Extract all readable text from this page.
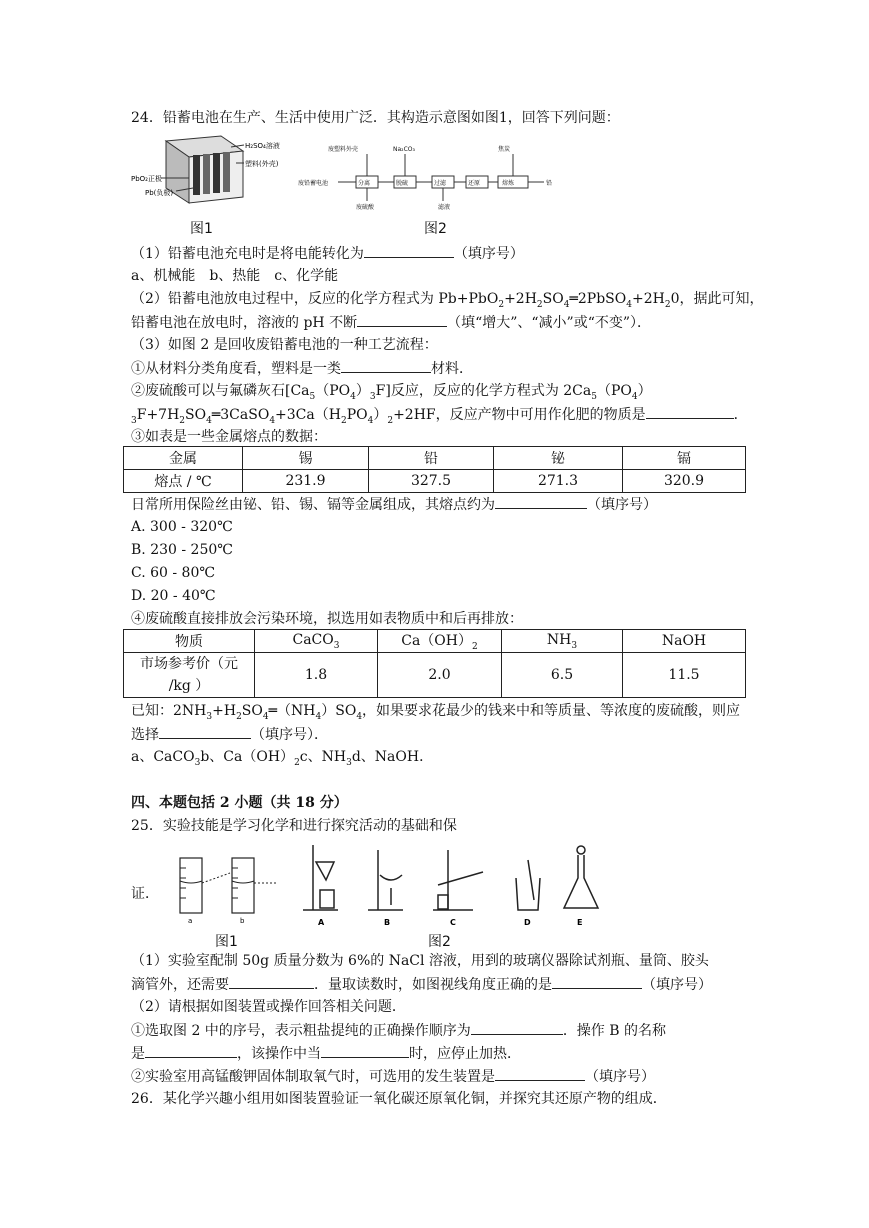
24．铅蓄电池在生产、生活中使用广泛．其构造示意图如图1，回答下列问题：
H₂SO₄溶液
塑料(外壳)
PbO₂正极
Pb(负极)
图1
废塑料外壳	Na₂CO₃	焦炭
废铅蓄电池	分离	脱硫	过滤	还原	熔炼	铅
废硫酸	滤液
图2
（1）铅蓄电池充电时是将电能转化为	（填序号）
a、机械能　b、热能　c、化学能
（2）铅蓄电池放电过程中，反应的化学方程式为 $Pb+PbO_2+2H_2SO_4═2PbSO_4+2H_20$，据此可知，
铅蓄电池在放电时，溶液的 pH 不断	（填“增大”、“减小”或“不变”）．
（3）如图 2 是回收废铅蓄电池的一种工艺流程：
①从材料分类角度看，塑料是一类	材料．
②废硫酸可以与氟磷灰石$[Ca_5(PO_4)_3F]$反应，反应的化学方程式为 $2Ca_5(PO_4)$
$_3F+7H_2SO_4═3CaSO_4+3Ca(H_2PO_4)_2+2HF$，反应产物中可用作化肥的物质是	．
③如表是一些金属熔点的数据：
金属	锡	铅	铋	镉
熔点 / ℃	231.9	327.5	271.3	320.9
日常所用保险丝由铋、铅、锡、镉等金属组成，其熔点约为	（填序号）
A. 300 - 320℃
B. 230 - 250℃
C. 60 - 80℃
D. 20 - 40℃
④废硫酸直接排放会污染环境，拟选用如表物质中和后再排放：
物质	CaCO$_3$	$Ca(OH)_2$	$NH_3$	NaOH
市场参考价（元
/kg ）	1.8	2.0	6.5	11.5
已知：$2NH_3+H_2SO_4═(NH_4)SO_4$，如果要求花最少的钱来中和等质量、等浓度的废硫酸，则应
选择	（填序号）．
a、CaCO$_3$b、$Ca(OH)_2c$、$NH_3d$、NaOH．
四、本题包括 2 小题（共 18 分）
25．实验技能是学习化学和进行探究活动的基础和保
证．
a	b
图1
A	B	C	D	E
图2
（1）实验室配制 50g 质量分数为 6%的 NaCl 溶液，用到的玻璃仪器除试剂瓶、量筒、胶头
滴管外，还需要	．量取读数时，如图视线角度正确的是	（填序号）
（2）请根据如图装置或操作回答相关问题．
①选取图 2 中的序号，表示粗盐提纯的正确操作顺序为	．操作 B 的名称
是	，该操作中当	时，应停止加热．
②实验室用高锰酸钾固体制取氧气时，可选用的发生装置是	（填序号）
26．某化学兴趣小组用如图装置验证一氧化碳还原氧化铜，并探究其还原产物的组成．
